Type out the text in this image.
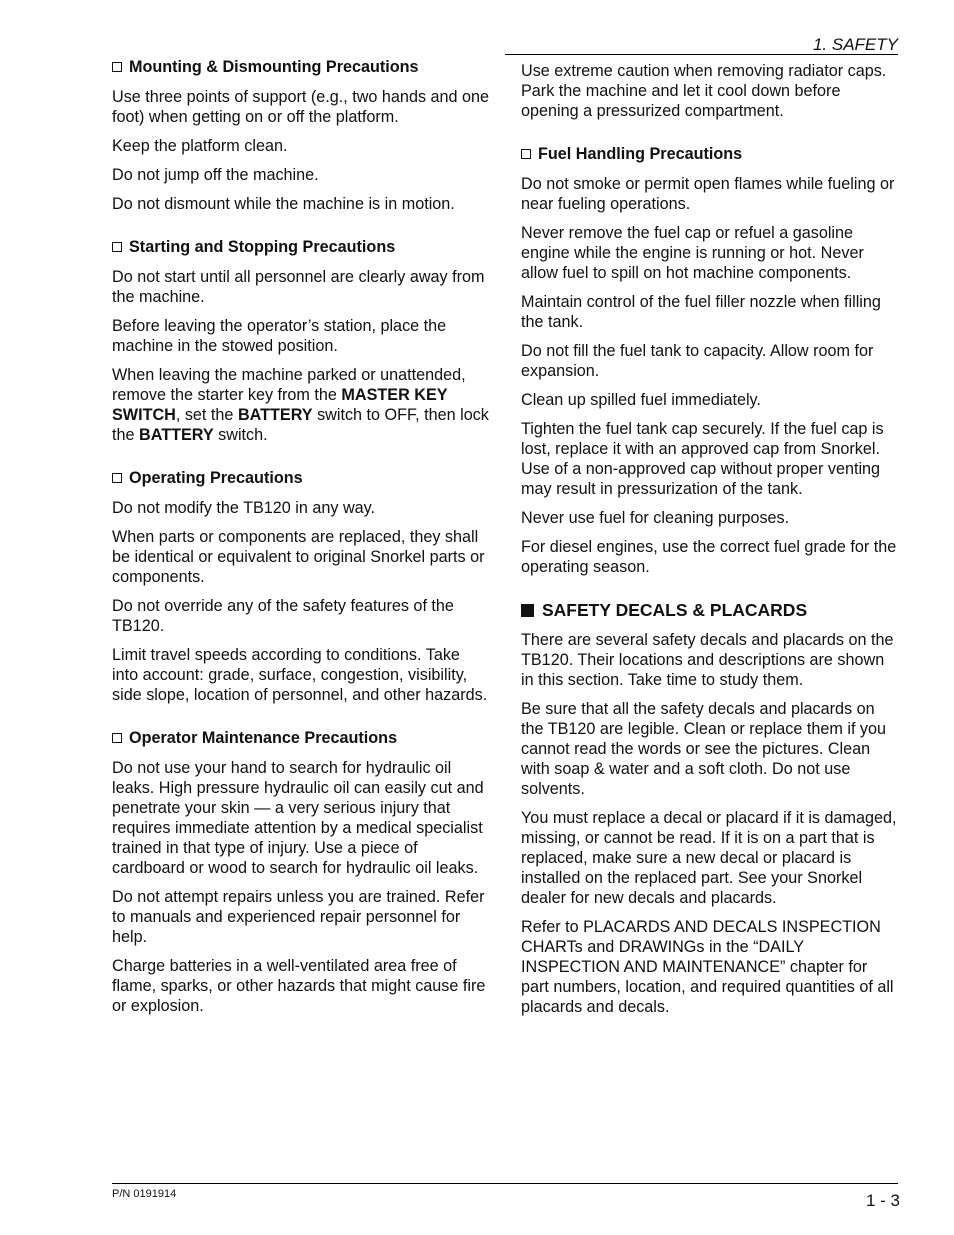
1. SAFETY
Mounting & Dismounting Precautions

Use three points of support (e.g., two hands and one foot) when getting on or off the platform.

Keep the platform clean.

Do not jump off the machine.

Do not dismount while the machine is in motion.

Starting and Stopping Precautions

Do not start until all personnel are clearly away from the machine.

Before leaving the operator’s station, place the machine in the stowed position.

When leaving the machine parked or unattended, remove the starter key from the MASTER KEY SWITCH, set the BATTERY switch to OFF, then lock the BATTERY switch.

Operating Precautions

Do not modify the TB120 in any way.

When parts or components are replaced, they shall be identical or equivalent to original Snorkel parts or components.

Do not override any of the safety features of the TB120.

Limit travel speeds according to conditions. Take into account: grade, surface, congestion, visibility, side slope, location of personnel, and other hazards.

Operator Maintenance Precautions

Do not use your hand to search for hydraulic oil leaks. High pressure hydraulic oil can easily cut and penetrate your skin — a very serious injury that requires immediate attention by a medical specialist trained in that type of injury. Use a piece of cardboard or wood to search for hydraulic oil leaks.

Do not attempt repairs unless you are trained. Refer to manuals and experienced repair personnel for help.

Charge batteries in a well-ventilated area free of flame, sparks, or other hazards that might cause fire or explosion.

Use extreme caution when removing radiator caps. Park the machine and let it cool down before opening a pressurized compartment.

Fuel Handling Precautions

Do not smoke or permit open flames while fueling or near fueling operations.

Never remove the fuel cap or refuel a gasoline engine while the engine is running or hot. Never allow fuel to spill on hot machine components.

Maintain control of the fuel filler nozzle when filling the tank.

Do not fill the fuel tank to capacity. Allow room for expansion.

Clean up spilled fuel immediately.

Tighten the fuel tank cap securely. If the fuel cap is lost, replace it with an approved cap from Snorkel. Use of a non-approved cap without proper venting may result in pressurization of the tank.

Never use fuel for cleaning purposes.

For diesel engines, use the correct fuel grade for the operating season.

SAFETY DECALS & PLACARDS

There are several safety decals and placards on the TB120. Their locations and descriptions are shown in this section. Take time to study them.

Be sure that all the safety decals and placards on the TB120 are legible. Clean or replace them if you cannot read the words or see the pictures. Clean with soap & water and a soft cloth. Do not use solvents.

You must replace a decal or placard if it is damaged, missing, or cannot be read. If it is on a part that is replaced, make sure a new decal or placard is installed on the replaced part. See your Snorkel dealer for new decals and placards.

Refer to PLACARDS AND DECALS INSPECTION CHARTs and DRAWINGs in the “DAILY INSPECTION AND MAINTENANCE” chapter for part numbers, location, and required quantities of all placards and decals.

P/N 0191914	1 - 3
